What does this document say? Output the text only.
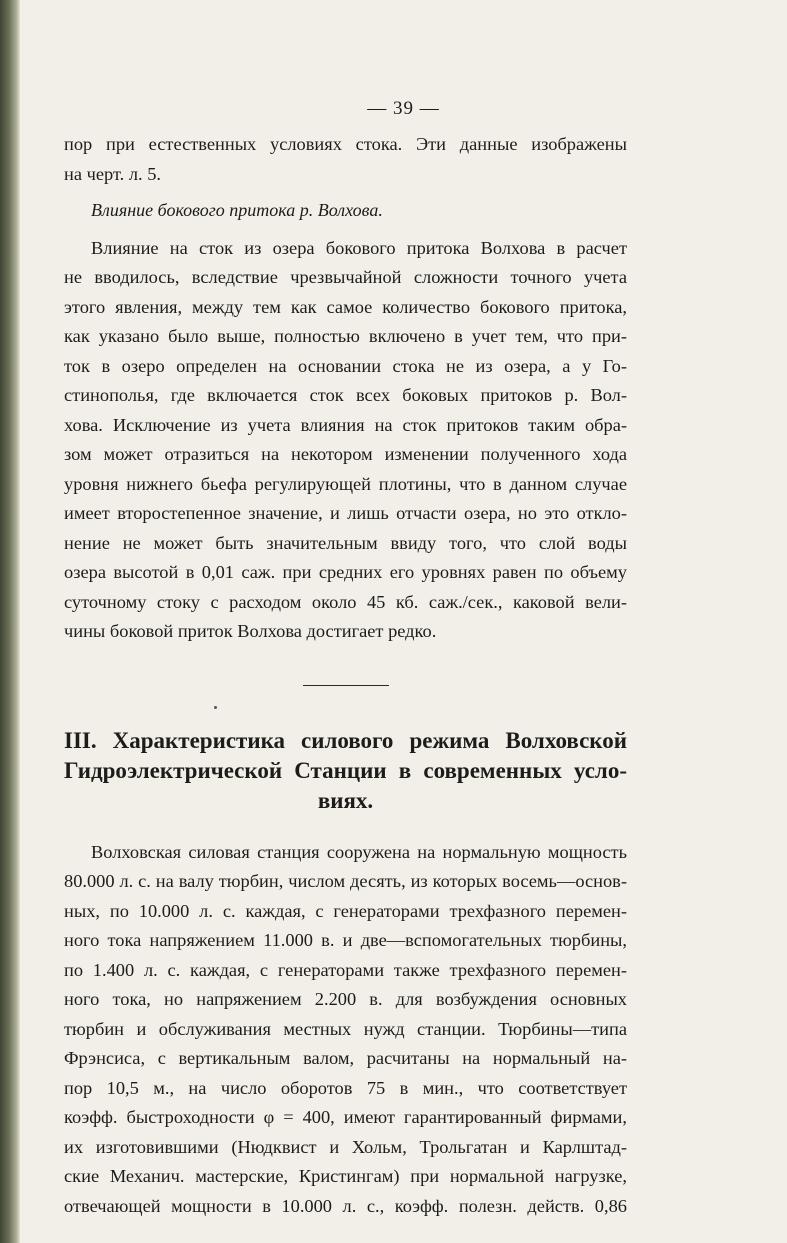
— 39 —
пор при естественных условиях стока. Эти данные изображены
на черт. л. 5.
Влияние бокового притока р. Волхова.
Влияние на сток из озера бокового притока Волхова в расчет
не вводилось, вследствие чрезвычайной сложности точного учета
этого явления, между тем как самое количество бокового притока,
как указано было выше, полностью включено в учет тем, что при-
ток в озеро определен на основании стока не из озера, а у Го-
стинополья, где включается сток всех боковых притоков р. Вол-
хова. Исключение из учета влияния на сток притоков таким обра-
зом может отразиться на некотором изменении полученного хода
уровня нижнего бьефа регулирующей плотины, что в данном случае
имеет второстепенное значение, и лишь отчасти озера, но это откло-
нение не может быть значительным ввиду того, что слой воды
озера высотой в 0,01 саж. при средних его уровнях равен по объему
суточному стоку с расходом около 45 кб. саж./сек., каковой вели-
чины боковой приток Волхова достигает редко.
III. Характеристика силового режима Волховской
Гидроэлектрической Станции в современных усло-
виях.
Волховская силовая станция сооружена на нормальную мощность
80.000 л. с. на валу тюрбин, числом десять, из которых восемь—основ-
ных, по 10.000 л. с. каждая, с генераторами трехфазного перемен-
ного тока напряжением 11.000 в. и две—вспомогательных тюрбины,
по 1.400 л. с. каждая, с генераторами также трехфазного перемен-
ного тока, но напряжением 2.200 в. для возбуждения основных
тюрбин и обслуживания местных нужд станции. Тюрбины—типа
Фрэнсиса, с вертикальным валом, расчитаны на нормальный на-
пор 10,5 м., на число оборотов 75 в мин., что соответствует
коэфф. быстроходности φ = 400, имеют гарантированный фирмами,
их изготовившими (Нюдквист и Хольм, Трольгатан и Карлштад-
ские Механич. мастерские, Кристингам) при нормальной нагрузке,
отвечающей мощности в 10.000 л. с., коэфф. полезн. действ. 0,86
